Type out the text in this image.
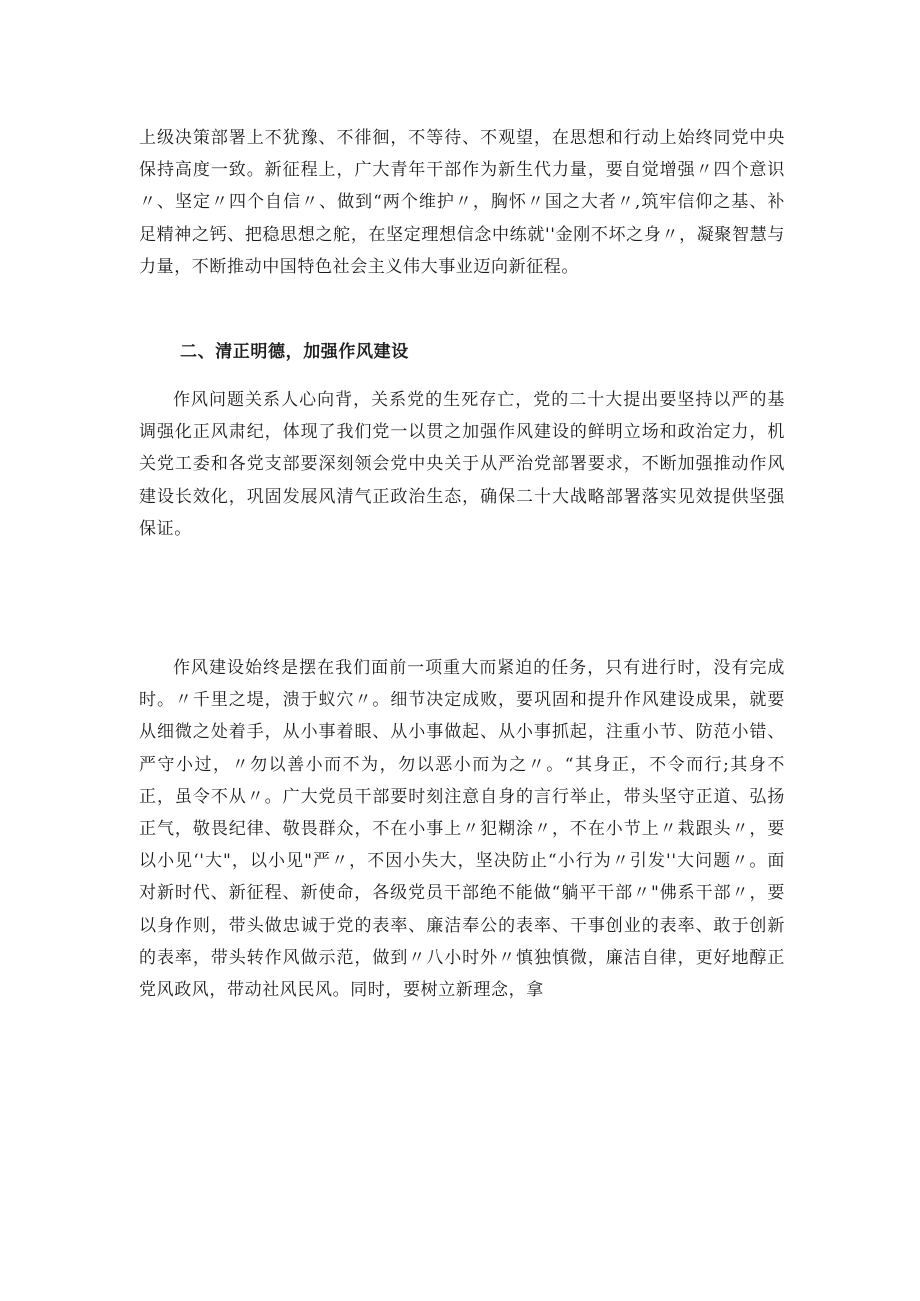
上级决策部署上不犹豫、不徘徊，不等待、不观望，在思想和行动上始终同党中央保持高度一致。新征程上，广大青年干部作为新生代力量，要自觉增强〃四个意识〃、坚定〃四个自信〃、做到“两个维护〃，胸怀〃国之大者〃,筑牢信仰之基、补足精神之钙、把稳思想之舵，在坚定理想信念中练就''金刚不坏之身〃，凝聚智慧与力量，不断推动中国特色社会主义伟大事业迈向新征程。

二、清正明德，加强作风建设

作风问题关系人心向背，关系党的生死存亡，党的二十大提出要坚持以严的基调强化正风肃纪，体现了我们党一以贯之加强作风建设的鲜明立场和政治定力，机关党工委和各党支部要深刻领会党中央关于从严治党部署要求，不断加强推动作风建设长效化，巩固发展风清气正政治生态，确保二十大战略部署落实见效提供坚强保证。

作风建设始终是摆在我们面前一项重大而紧迫的任务，只有进行时，没有完成时。〃千里之堤，溃于蚁穴〃。细节决定成败，要巩固和提升作风建设成果，就要从细微之处着手，从小事着眼、从小事做起、从小事抓起，注重小节、防范小错、严守小过，〃勿以善小而不为，勿以恶小而为之〃。“其身正，不令而行;其身不正，虽令不从〃。广大党员干部要时刻注意自身的言行举止，带头坚守正道、弘扬正气，敬畏纪律、敬畏群众，不在小事上〃犯糊涂〃，不在小节上〃栽跟头〃，要以小见‘'大"，以小见"严〃，不因小失大，坚决防止“小行为〃引发''大问题〃。面对新时代、新征程、新使命，各级党员干部绝不能做“躺平干部〃"佛系干部〃，要以身作则，带头做忠诚于党的表率、廉洁奉公的表率、干事创业的表率、敢于创新的表率，带头转作风做示范，做到〃八小时外〃慎独慎微，廉洁自律，更好地醇正党风政风，带动社风民风。同时，要树立新理念，拿
